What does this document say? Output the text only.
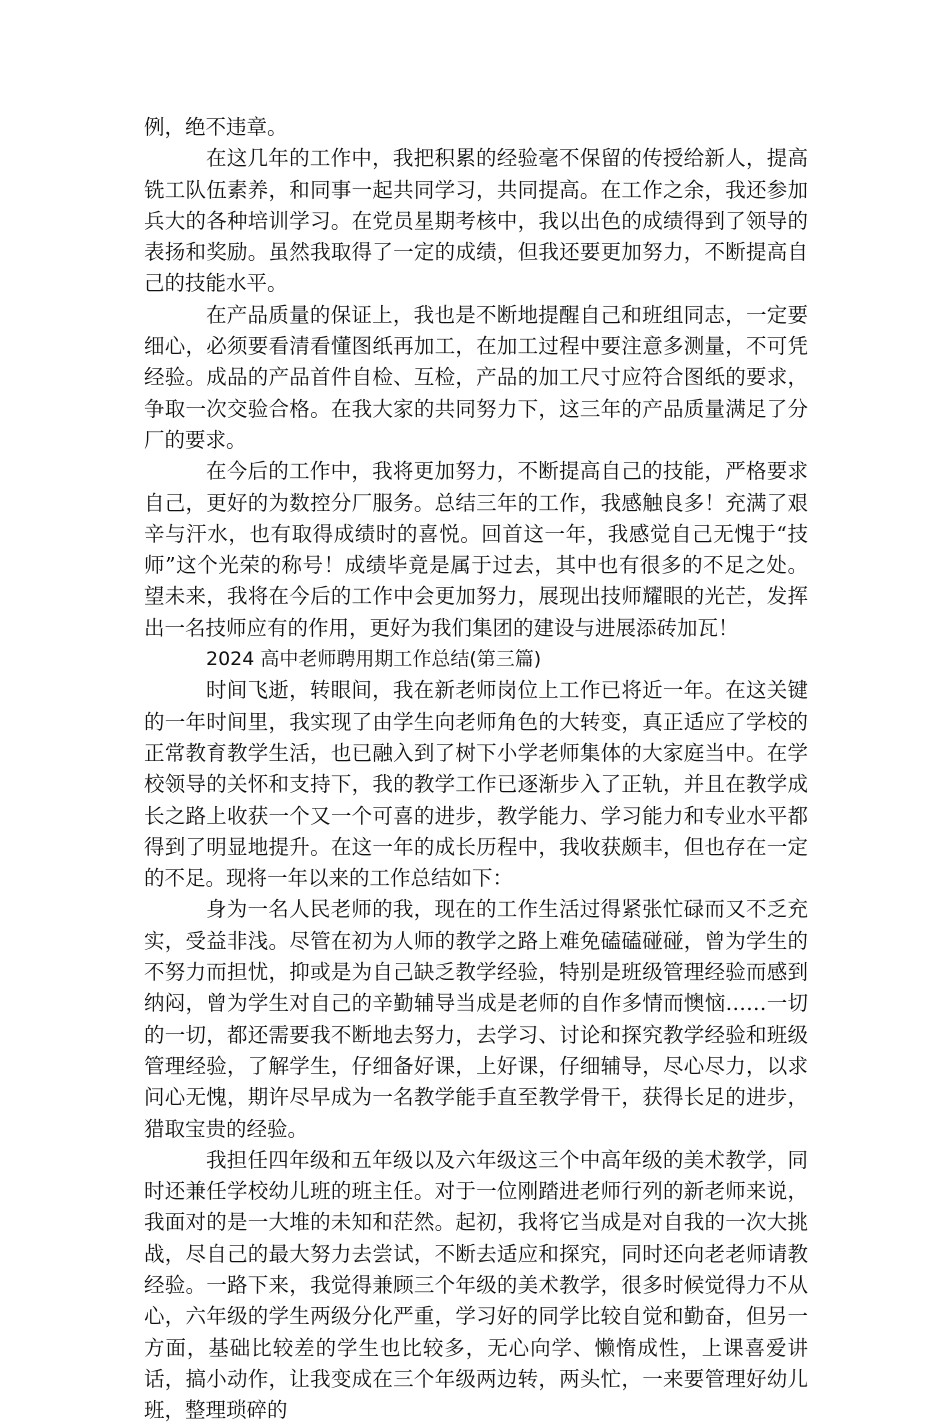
例，绝不违章。

在这几年的工作中，我把积累的经验毫不保留的传授给新人，提高铣工队伍素养，和同事一起共同学习，共同提高。在工作之余，我还参加兵大的各种培训学习。在党员星期考核中，我以出色的成绩得到了领导的表扬和奖励。虽然我取得了一定的成绩，但我还要更加努力，不断提高自己的技能水平。

在产品质量的保证上，我也是不断地提醒自己和班组同志，一定要细心，必须要看清看懂图纸再加工，在加工过程中要注意多测量，不可凭经验。成品的产品首件自检、互检，产品的加工尺寸应符合图纸的要求，争取一次交验合格。在我大家的共同努力下，这三年的产品质量满足了分厂的要求。

在今后的工作中，我将更加努力，不断提高自己的技能，严格要求自己，更好的为数控分厂服务。总结三年的工作，我感触良多！充满了艰辛与汗水，也有取得成绩时的喜悦。回首这一年，我感觉自己无愧于“技师”这个光荣的称号！成绩毕竟是属于过去，其中也有很多的不足之处。望未来，我将在今后的工作中会更加努力，展现出技师耀眼的光芒，发挥出一名技师应有的作用，更好为我们集团的建设与进展添砖加瓦！

2024 高中老师聘用期工作总结(第三篇)

时间飞逝，转眼间，我在新老师岗位上工作已将近一年。在这关键的一年时间里，我实现了由学生向老师角色的大转变，真正适应了学校的正常教育教学生活，也已融入到了树下小学老师集体的大家庭当中。在学校领导的关怀和支持下，我的教学工作已逐渐步入了正轨，并且在教学成长之路上收获一个又一个可喜的进步，教学能力、学习能力和专业水平都得到了明显地提升。在这一年的成长历程中，我收获颇丰，但也存在一定的不足。现将一年以来的工作总结如下：

身为一名人民老师的我，现在的工作生活过得紧张忙碌而又不乏充实，受益非浅。尽管在初为人师的教学之路上难免磕磕碰碰，曾为学生的不努力而担忧，抑或是为自己缺乏教学经验，特别是班级管理经验而感到纳闷，曾为学生对自己的辛勤辅导当成是老师的自作多情而懊恼……一切的一切，都还需要我不断地去努力，去学习、讨论和探究教学经验和班级管理经验，了解学生，仔细备好课，上好课，仔细辅导，尽心尽力，以求问心无愧，期许尽早成为一名教学能手直至教学骨干，获得长足的进步，猎取宝贵的经验。

我担任四年级和五年级以及六年级这三个中高年级的美术教学，同时还兼任学校幼儿班的班主任。对于一位刚踏进老师行列的新老师来说，我面对的是一大堆的未知和茫然。起初，我将它当成是对自我的一次大挑战，尽自己的最大努力去尝试，不断去适应和探究，同时还向老老师请教经验。一路下来，我觉得兼顾三个年级的美术教学，很多时候觉得力不从心，六年级的学生两级分化严重，学习好的同学比较自觉和勤奋，但另一方面，基础比较差的学生也比较多，无心向学、懒惰成性，上课喜爱讲话，搞小动作，让我变成在三个年级两边转，两头忙，一来要管理好幼儿班，整理琐碎的
